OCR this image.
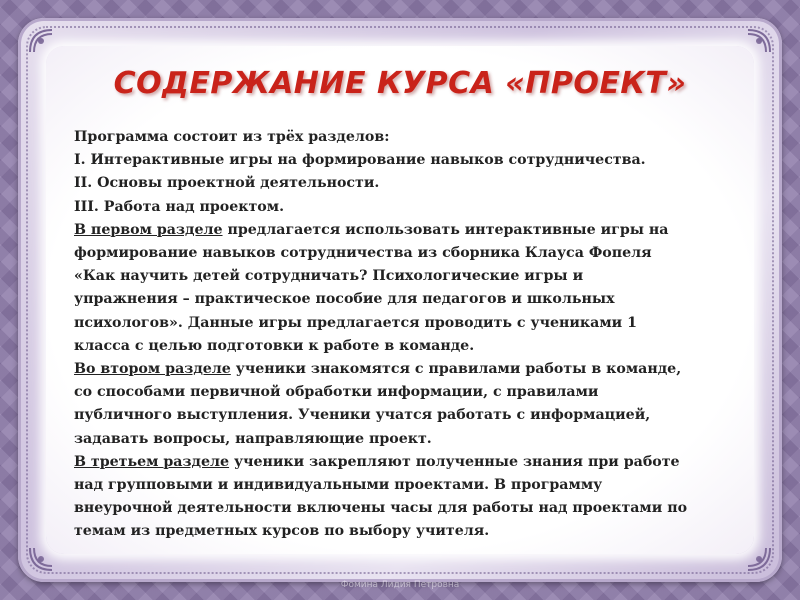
СОДЕРЖАНИЕ КУРСА «ПРОЕКТ»
Программа состоит из трёх разделов:
I. Интерактивные игры на формирование навыков сотрудничества.
II. Основы проектной деятельности.
III. Работа над проектом.
В первом разделе предлагается использовать интерактивные игры на
формирование навыков сотрудничества из сборника Клауса Фопеля
«Как научить детей сотрудничать? Психологические игры и
упражнения – практическое пособие для педагогов и школьных
психологов». Данные игры предлагается проводить с учениками 1
класса с целью подготовки к работе в команде.
Во втором разделе ученики знакомятся с правилами работы в команде,
со способами первичной обработки информации, с правилами
публичного выступления. Ученики учатся работать с информацией,
задавать вопросы, направляющие проект.
В третьем разделе ученики закрепляют полученные знания при работе
над групповыми и индивидуальными проектами. В программу
внеурочной деятельности включены часы для работы над проектами по
темам из предметных курсов по выбору учителя.
Фомина Лидия Петровна
